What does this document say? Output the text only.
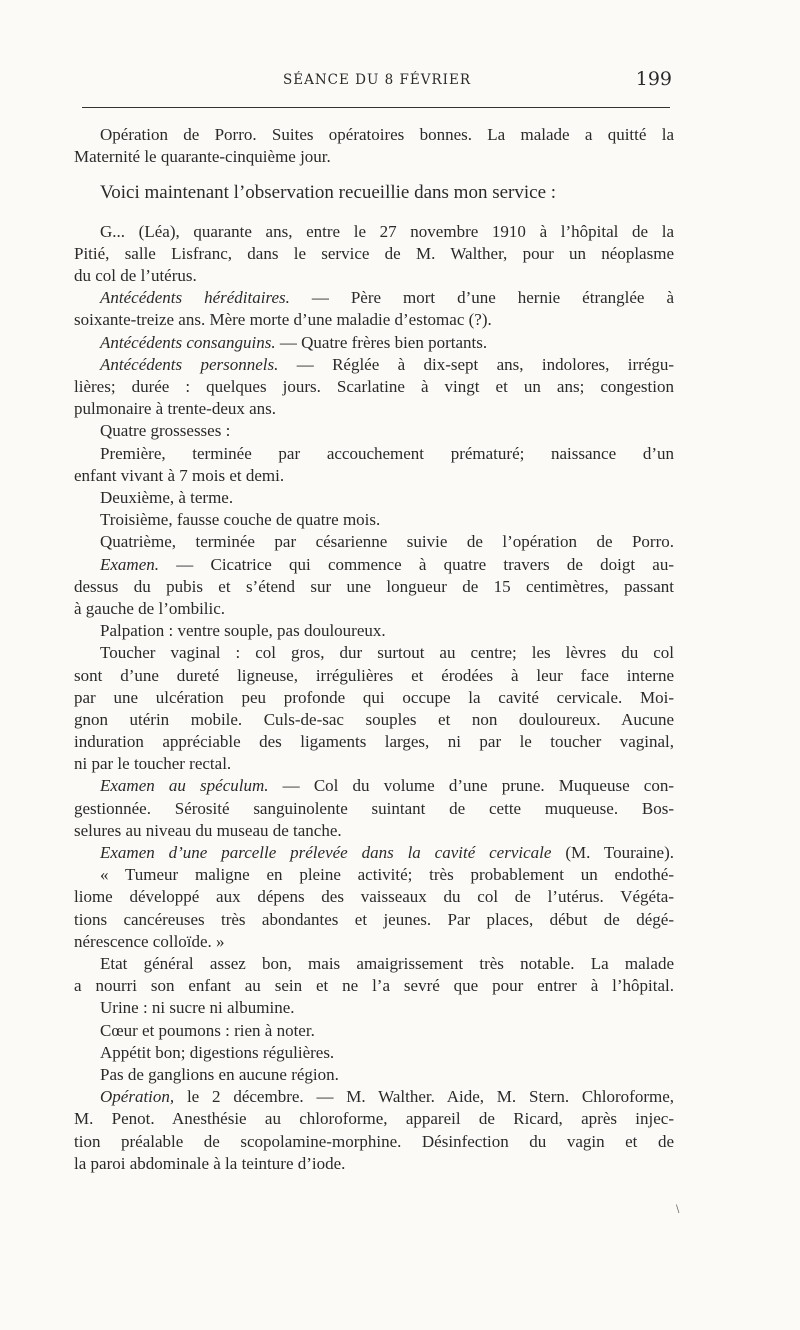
SÉANCE DU 8 FÉVRIER	199
Opération de Porro. Suites opératoires bonnes. La malade a quitté la
Maternité le quarante-cinquième jour.
Voici maintenant l’observation recueillie dans mon service :
G... (Léa), quarante ans, entre le 27 novembre 1910 à l’hôpital de la
Pitié, salle Lisfranc, dans le service de M. Walther, pour un néoplasme
du col de l’utérus.
Antécédents héréditaires. — Père mort d’une hernie étranglée à
soixante-treize ans. Mère morte d’une maladie d’estomac (?).
Antécédents consanguins. — Quatre frères bien portants.
Antécédents personnels. — Réglée à dix-sept ans, indolores, irrégu-
lières; durée : quelques jours. Scarlatine à vingt et un ans; congestion
pulmonaire à trente-deux ans.
Quatre grossesses :
Première, terminée par accouchement prématuré; naissance d’un
enfant vivant à 7 mois et demi.
Deuxième, à terme.
Troisième, fausse couche de quatre mois.
Quatrième, terminée par césarienne suivie de l’opération de Porro.
Examen. — Cicatrice qui commence à quatre travers de doigt au-
dessus du pubis et s’étend sur une longueur de 15 centimètres, passant
à gauche de l’ombilic.
Palpation : ventre souple, pas douloureux.
Toucher vaginal : col gros, dur surtout au centre; les lèvres du col
sont d’une dureté ligneuse, irrégulières et érodées à leur face interne
par une ulcération peu profonde qui occupe la cavité cervicale. Moi-
gnon utérin mobile. Culs-de-sac souples et non douloureux. Aucune
induration appréciable des ligaments larges, ni par le toucher vaginal,
ni par le toucher rectal.
Examen au spéculum. — Col du volume d’une prune. Muqueuse con-
gestionnée. Sérosité sanguinolente suintant de cette muqueuse. Bos-
selures au niveau du museau de tanche.
Examen d’une parcelle prélevée dans la cavité cervicale (M. Touraine).
« Tumeur maligne en pleine activité; très probablement un endothé-
liome développé aux dépens des vaisseaux du col de l’utérus. Végéta-
tions cancéreuses très abondantes et jeunes. Par places, début de dégé-
nérescence colloïde. »
Etat général assez bon, mais amaigrissement très notable. La malade
a nourri son enfant au sein et ne l’a sevré que pour entrer à l’hôpital.
Urine : ni sucre ni albumine.
Cœur et poumons : rien à noter.
Appétit bon; digestions régulières.
Pas de ganglions en aucune région.
Opération, le 2 décembre. — M. Walther. Aide, M. Stern. Chloroforme,
M. Penot. Anesthésie au chloroforme, appareil de Ricard, après injec-
tion préalable de scopolamine-morphine. Désinfection du vagin et de
la paroi abdominale à la teinture d’iode.
\
